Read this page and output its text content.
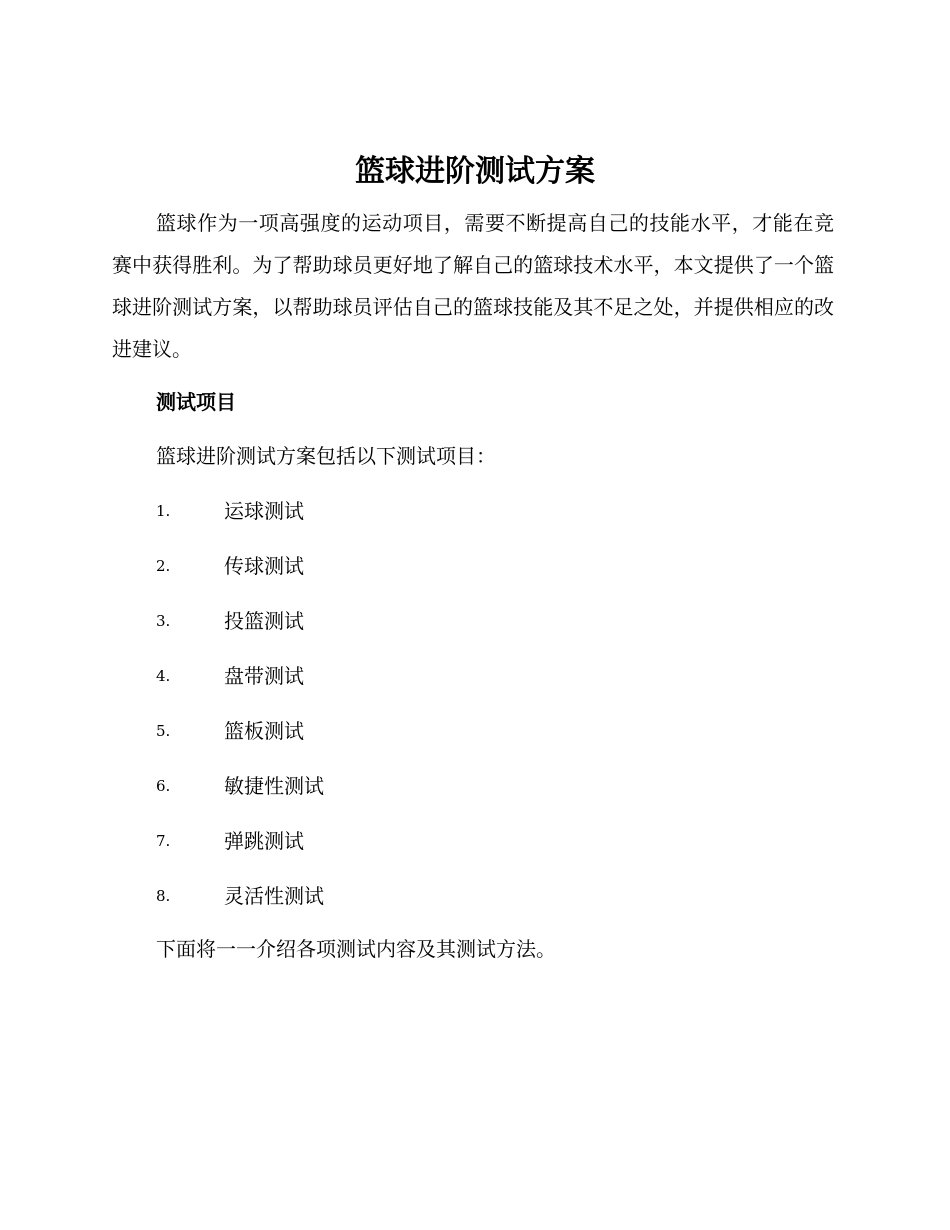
篮球进阶测试方案

篮球作为一项高强度的运动项目，需要不断提高自己的技能水平，才能在竞赛中获得胜利。为了帮助球员更好地了解自己的篮球技术水平，本文提供了一个篮球进阶测试方案，以帮助球员评估自己的篮球技能及其不足之处，并提供相应的改进建议。

测试项目

篮球进阶测试方案包括以下测试项目：

1.	运球测试
2.	传球测试
3.	投篮测试
4.	盘带测试
5.	篮板测试
6.	敏捷性测试
7.	弹跳测试
8.	灵活性测试

下面将一一介绍各项测试内容及其测试方法。
